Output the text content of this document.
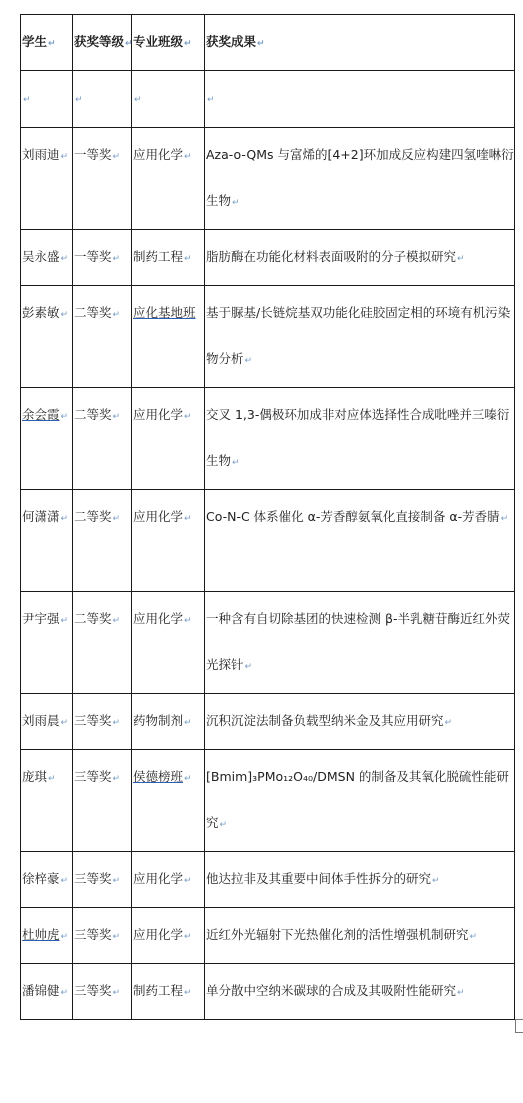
学生↵	获奖等级↵	专业班级↵	获奖成果↵

↵	↵	↵	↵

刘雨迪↵	一等奖↵	应用化学↵	Aza-o-QMs 与富烯的[4+2]环加成反应构建四氢喹啉衍生物↵

吴永盛↵	一等奖↵	制药工程↵	脂肪酶在功能化材料表面吸附的分子模拟研究↵

彭素敏↵	二等奖↵	应化基地班	基于脲基/长链烷基双功能化硅胶固定相的环境有机污染物分析↵

余会霞↵	二等奖↵	应用化学↵	交叉 1,3-偶极环加成非对应体选择性合成吡唑并三嗪衍生物↵

何潇潇↵	二等奖↵	应用化学↵	Co-N-C 体系催化 α-芳香醇氨氧化直接制备 α-芳香腈↵

尹宇强↵	二等奖↵	应用化学↵	一种含有自切除基团的快速检测 β-半乳糖苷酶近红外荧光探针↵

刘雨晨↵	三等奖↵	药物制剂↵	沉积沉淀法制备负载型纳米金及其应用研究↵

庞琪↵	三等奖↵	侯德榜班↵	[Bmim]₃PMo₁₂O₄₀/DMSN 的制备及其氧化脱硫性能研究↵

徐梓豪↵	三等奖↵	应用化学↵	他达拉非及其重要中间体手性拆分的研究↵

杜帅虎↵	三等奖↵	应用化学↵	近红外光辐射下光热催化剂的活性增强机制研究↵

潘锦健↵	三等奖↵	制药工程↵	单分散中空纳米碳球的合成及其吸附性能研究↵
